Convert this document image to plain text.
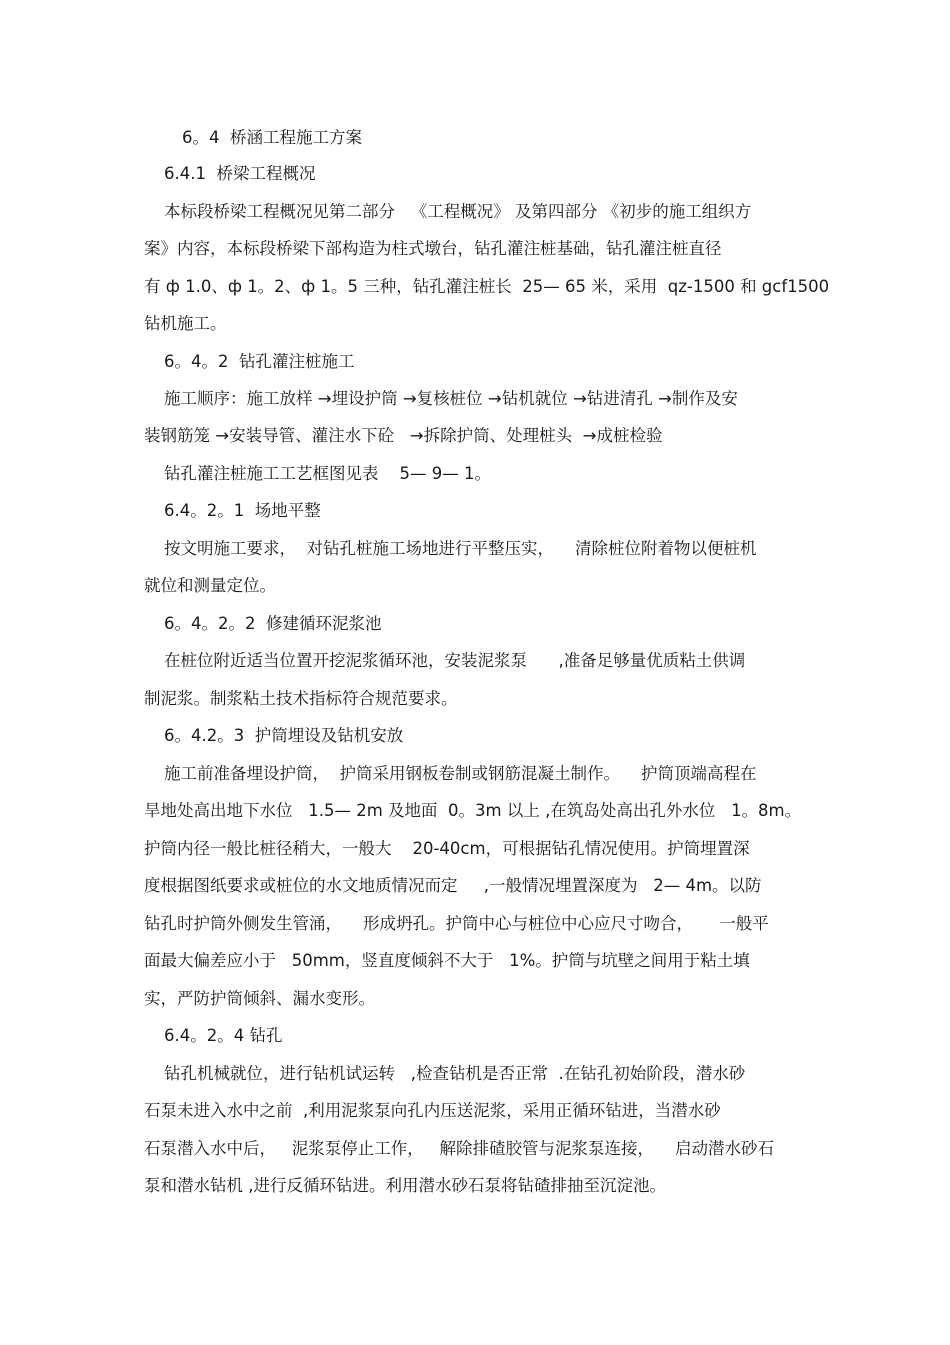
6。4  桥涵工程施工方案
6.4.1  桥梁工程概况
本标段桥梁工程概况见第二部分   《工程概况》 及第四部分 《初步的施工组织方
案》内容，本标段桥梁下部构造为柱式墩台，钻孔灌注桩基础，钻孔灌注桩直径
有 ф 1.0、ф 1。2、ф 1。5 三种，钻孔灌注桩长  25— 65 米，采用  qz-1500 和 gcf1500
钻机施工。
6。4。2  钻孔灌注桩施工
施工顺序：施工放样 →埋设护筒 →复核桩位 →钻机就位 →钻进清孔 →制作及安
装钢筋笼 →安装导管、灌注水下砼   →拆除护筒、处理桩头  →成桩检验
钻孔灌注桩施工工艺框图见表    5— 9— 1。
6.4。2。1  场地平整
按文明施工要求，  对钻孔桩施工场地进行平整压实，    清除桩位附着物以便桩机
就位和测量定位。
6。4。2。2  修建循环泥浆池
在桩位附近适当位置开挖泥浆循环池，安装泥浆泵      ,准备足够量优质粘土供调
制泥浆。制浆粘土技术指标符合规范要求。
6。4.2。3  护筒埋设及钻机安放
施工前准备埋设护筒，  护筒采用钢板卷制或钢筋混凝土制作。    护筒顶端高程在
旱地处高出地下水位   1.5— 2m 及地面  0。3m 以上 ,在筑岛处高出孔外水位   1。8m。
护筒内径一般比桩径稍大，一般大    20-40cm，可根据钻孔情况使用。护筒埋置深
度根据图纸要求或桩位的水文地质情况而定     ,一般情况埋置深度为   2— 4m。以防
钻孔时护筒外侧发生管涌，    形成坍孔。护筒中心与桩位中心应尺寸吻合，     一般平
面最大偏差应小于   50mm，竖直度倾斜不大于   1%。护筒与坑壁之间用于粘土填
实，严防护筒倾斜、漏水变形。
6.4。2。4 钻孔
钻孔机械就位，进行钻机试运转   ,检查钻机是否正常  .在钻孔初始阶段，潜水砂
石泵未进入水中之前  ,利用泥浆泵向孔内压送泥浆，采用正循环钻进，当潜水砂
石泵潜入水中后，   泥浆泵停止工作，   解除排碴胶管与泥浆泵连接，    启动潜水砂石
泵和潜水钻机 ,进行反循环钻进。利用潜水砂石泵将钻碴排抽至沉淀池。
